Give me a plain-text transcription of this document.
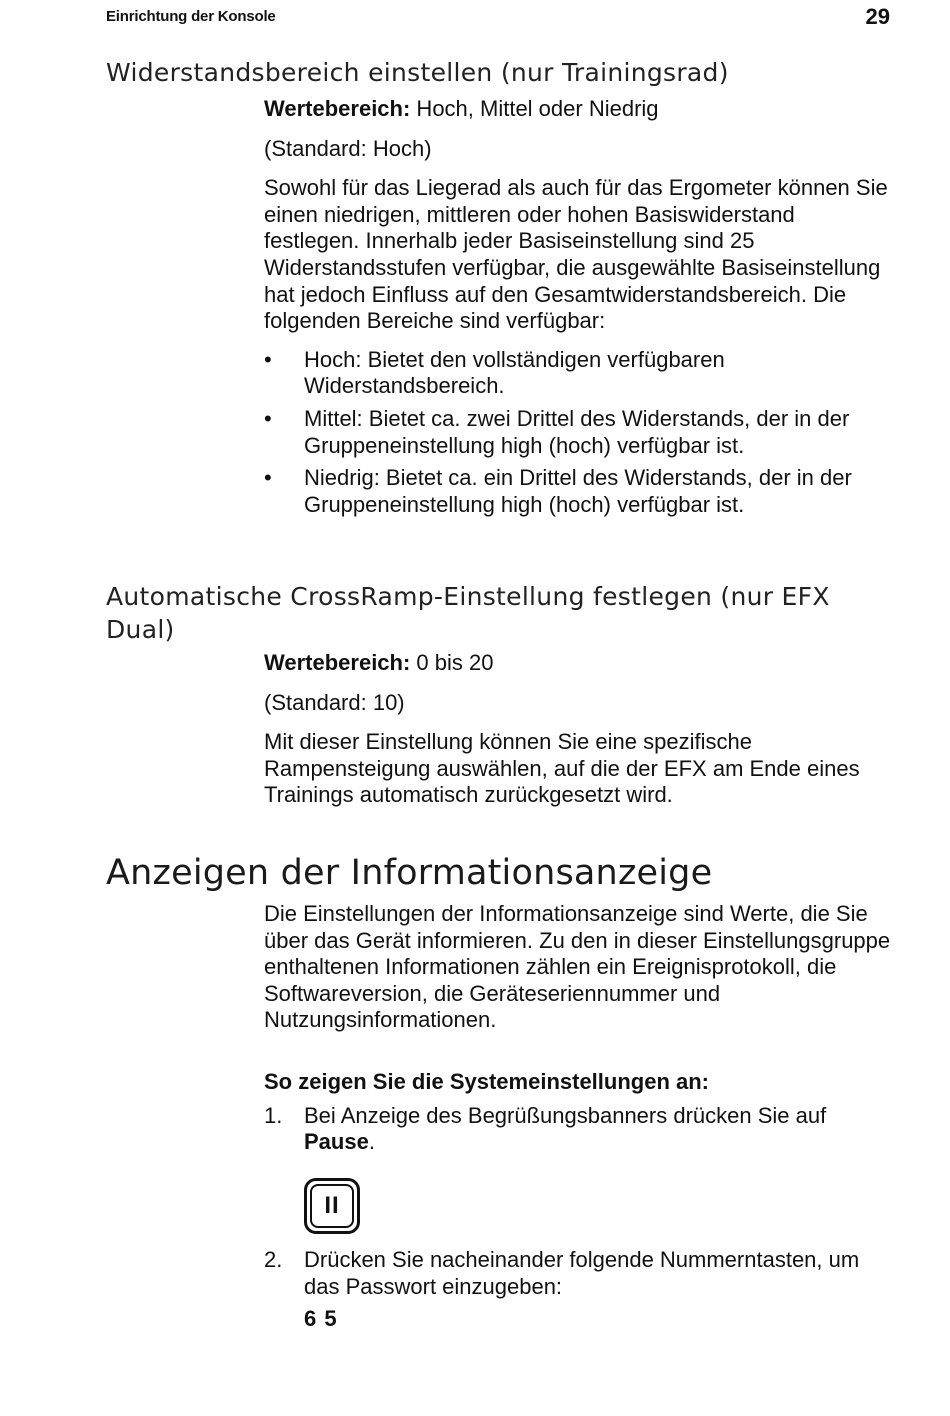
Einrichtung der Konsole	29
Widerstandsbereich einstellen (nur Trainingsrad)

Wertebereich: Hoch, Mittel oder Niedrig

(Standard: Hoch)

Sowohl für das Liegerad als auch für das Ergometer können Sie einen niedrigen, mittleren oder hohen Basiswiderstand festlegen. Innerhalb jeder Basiseinstellung sind 25 Widerstandsstufen verfügbar, die ausgewählte Basiseinstellung hat jedoch Einfluss auf den Gesamtwiderstandsbereich. Die folgenden Bereiche sind verfügbar:

• Hoch: Bietet den vollständigen verfügbaren Widerstandsbereich.
• Mittel: Bietet ca. zwei Drittel des Widerstands, der in der Gruppeneinstellung high (hoch) verfügbar ist.
• Niedrig: Bietet ca. ein Drittel des Widerstands, der in der Gruppeneinstellung high (hoch) verfügbar ist.
Automatische CrossRamp-Einstellung festlegen (nur EFX Dual)

Wertebereich: 0 bis 20

(Standard: 10)

Mit dieser Einstellung können Sie eine spezifische Rampensteigung auswählen, auf die der EFX am Ende eines Trainings automatisch zurückgesetzt wird.

Anzeigen der Informationsanzeige

Die Einstellungen der Informationsanzeige sind Werte, die Sie über das Gerät informieren. Zu den in dieser Einstellungsgruppe enthaltenen Informationen zählen ein Ereignisprotokoll, die Softwareversion, die Geräteseriennummer und Nutzungsinformationen.

So zeigen Sie die Systemeinstellungen an:

1. Bei Anzeige des Begrüßungsbanners drücken Sie auf Pause.
II
2. Drücken Sie nacheinander folgende Nummerntasten, um das Passwort einzugeben:

6 5
